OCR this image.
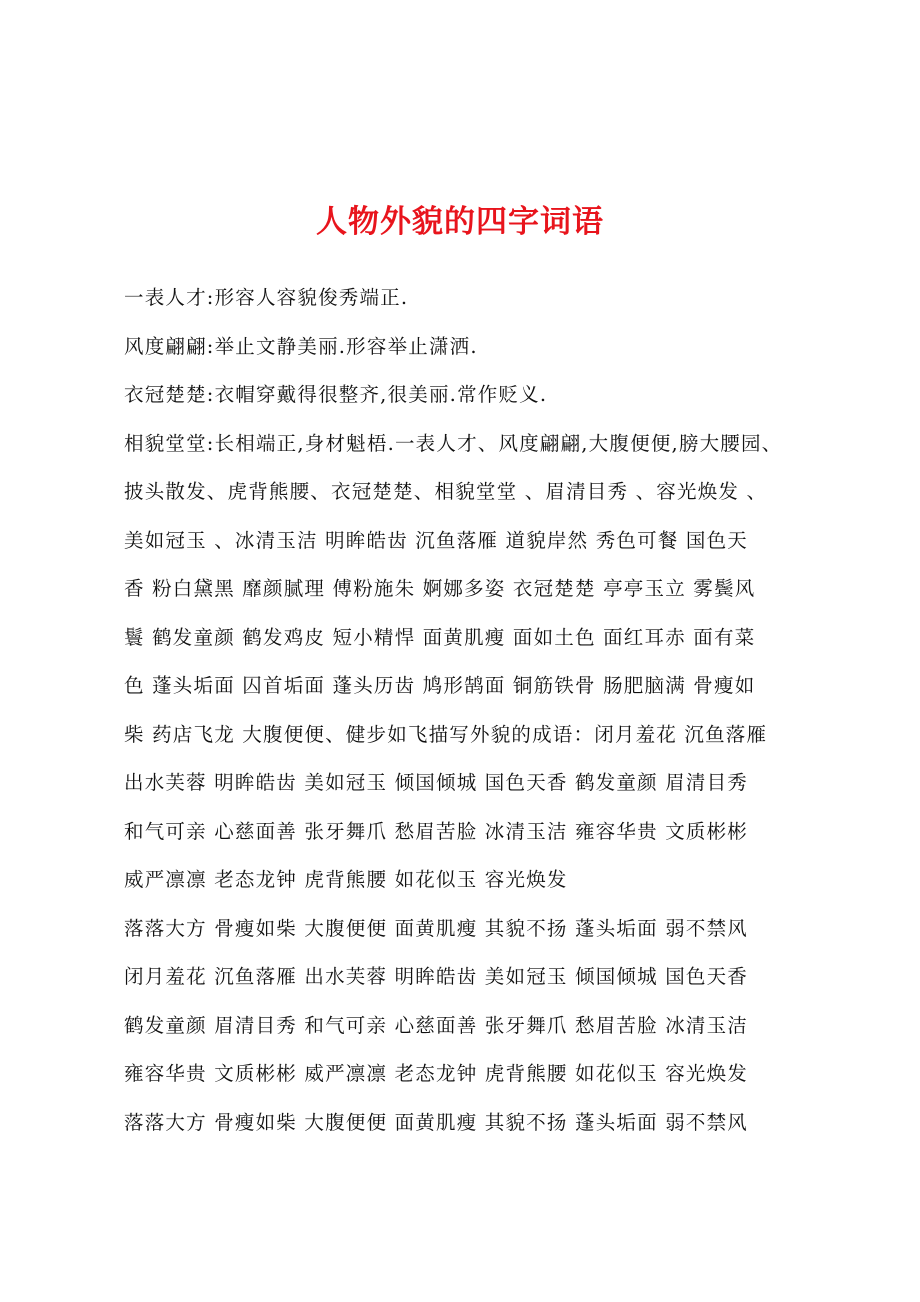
人物外貌的四字词语
一表人才:形容人容貌俊秀端正.
风度翩翩:举止文静美丽.形容举止潇洒.
衣冠楚楚:衣帽穿戴得很整齐,很美丽.常作贬义.
相貌堂堂:长相端正,身材魁梧.一表人才、风度翩翩,大腹便便,膀大腰园、
披头散发、虎背熊腰、衣冠楚楚、相貌堂堂 、眉清目秀 、容光焕发 、
美如冠玉 、冰清玉洁 明眸皓齿 沉鱼落雁 道貌岸然 秀色可餐 国色天
香 粉白黛黑 靡颜腻理 傅粉施朱 婀娜多姿 衣冠楚楚 亭亭玉立 雾鬓风
鬟 鹤发童颜 鹤发鸡皮 短小精悍 面黄肌瘦 面如土色 面红耳赤 面有菜
色 蓬头垢面 囚首垢面 蓬头历齿 鸠形鹄面 铜筋铁骨 肠肥脑满 骨瘦如
柴 药店飞龙 大腹便便、健步如飞描写外貌的成语：闭月羞花 沉鱼落雁
出水芙蓉 明眸皓齿 美如冠玉 倾国倾城 国色天香 鹤发童颜 眉清目秀
和气可亲 心慈面善 张牙舞爪 愁眉苦脸 冰清玉洁 雍容华贵 文质彬彬
威严凛凛 老态龙钟 虎背熊腰 如花似玉 容光焕发
落落大方 骨瘦如柴 大腹便便 面黄肌瘦 其貌不扬 蓬头垢面 弱不禁风
闭月羞花 沉鱼落雁 出水芙蓉 明眸皓齿 美如冠玉 倾国倾城 国色天香
鹤发童颜 眉清目秀 和气可亲 心慈面善 张牙舞爪 愁眉苦脸 冰清玉洁
雍容华贵 文质彬彬 威严凛凛 老态龙钟 虎背熊腰 如花似玉 容光焕发
落落大方 骨瘦如柴 大腹便便 面黄肌瘦 其貌不扬 蓬头垢面 弱不禁风
